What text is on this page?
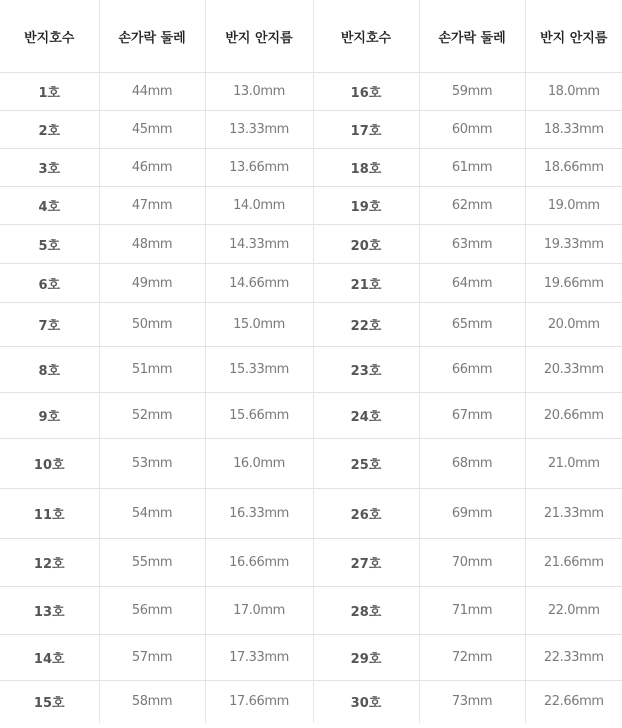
반지호수	손가락 둘레	반지 안지름	반지호수	손가락 둘레	반지 안지름
1호	44mm	13.0mm	16호	59mm	18.0mm
2호	45mm	13.33mm	17호	60mm	18.33mm
3호	46mm	13.66mm	18호	61mm	18.66mm
4호	47mm	14.0mm	19호	62mm	19.0mm
5호	48mm	14.33mm	20호	63mm	19.33mm
6호	49mm	14.66mm	21호	64mm	19.66mm
7호	50mm	15.0mm	22호	65mm	20.0mm
8호	51mm	15.33mm	23호	66mm	20.33mm
9호	52mm	15.66mm	24호	67mm	20.66mm
10호	53mm	16.0mm	25호	68mm	21.0mm
11호	54mm	16.33mm	26호	69mm	21.33mm
12호	55mm	16.66mm	27호	70mm	21.66mm
13호	56mm	17.0mm	28호	71mm	22.0mm
14호	57mm	17.33mm	29호	72mm	22.33mm
15호	58mm	17.66mm	30호	73mm	22.66mm
